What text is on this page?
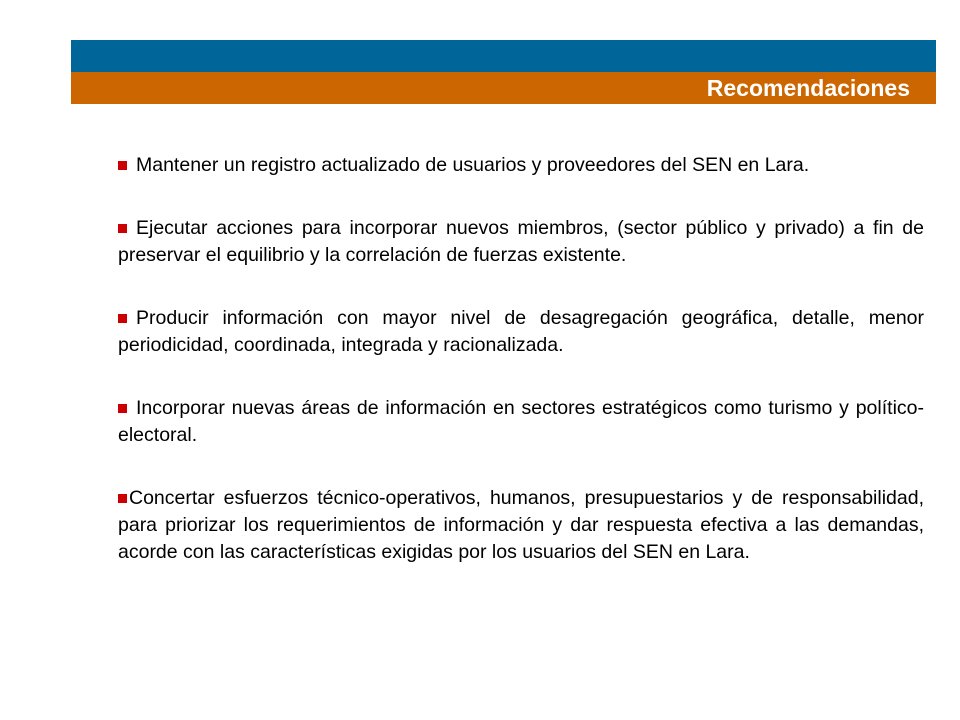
Recomendaciones
Mantener un registro actualizado de usuarios y proveedores del SEN en Lara.
Ejecutar acciones para incorporar nuevos miembros, (sector público y privado) a fin de preservar el equilibrio y la correlación de fuerzas existente.
Producir información con mayor nivel de desagregación geográfica, detalle, menor periodicidad, coordinada, integrada y racionalizada.
Incorporar nuevas áreas de información en sectores estratégicos como turismo y político-electoral.
Concertar esfuerzos técnico-operativos, humanos, presupuestarios y de responsabilidad, para priorizar los requerimientos de información y dar respuesta efectiva a las demandas, acorde con las características exigidas por los usuarios del SEN en Lara.
